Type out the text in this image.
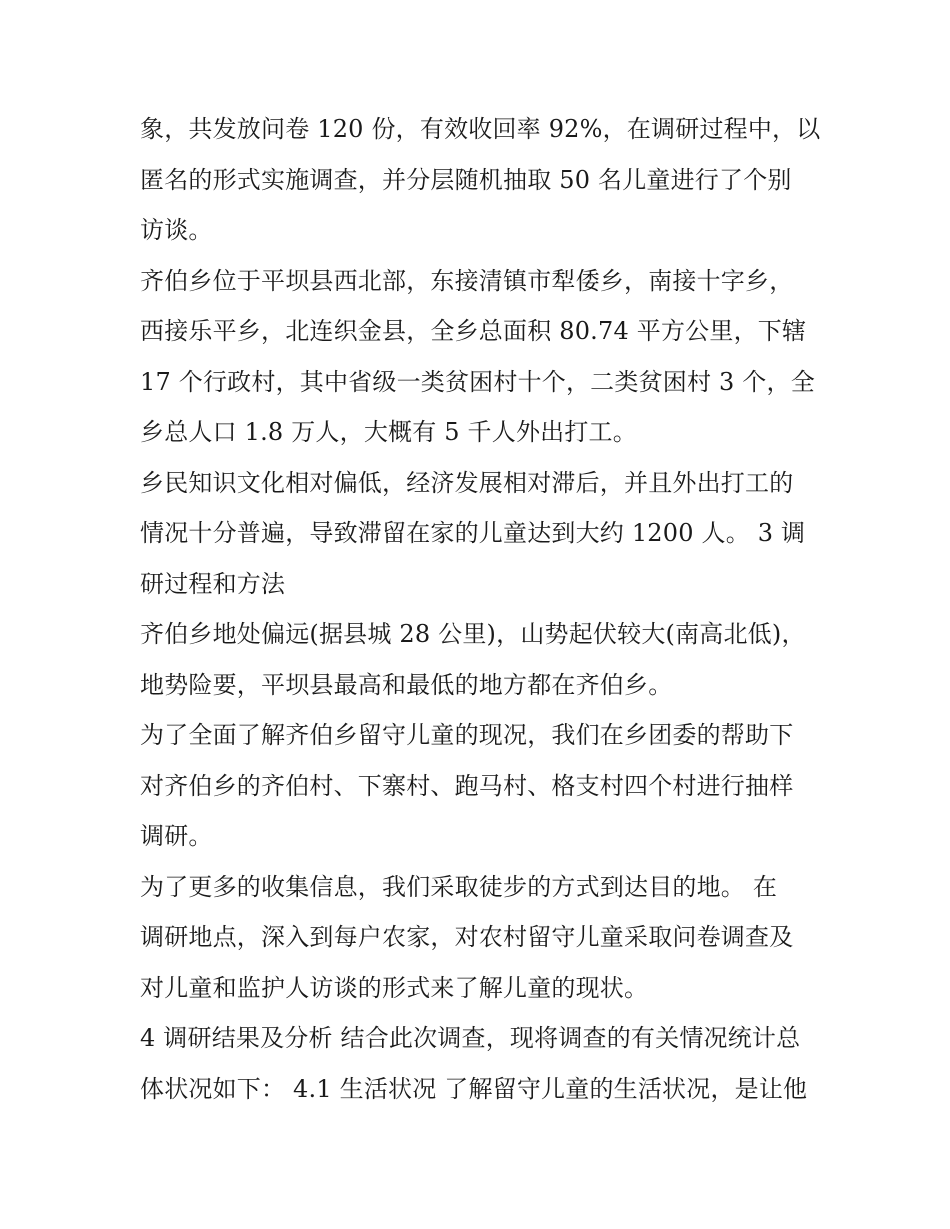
象，共发放问卷 120 份，有效收回率 92%，在调研过程中，以
匿名的形式实施调查，并分层随机抽取 50 名儿童进行了个别
访谈。
齐伯乡位于平坝县西北部，东接清镇市犁倭乡，南接十字乡，
西接乐平乡，北连织金县，全乡总面积 80.74 平方公里，下辖
17 个行政村，其中省级一类贫困村十个，二类贫困村 3 个，全
乡总人口 1.8 万人，大概有 5 千人外出打工。
乡民知识文化相对偏低，经济发展相对滞后，并且外出打工的
情况十分普遍，导致滞留在家的儿童达到大约 1200 人。 3 调
研过程和方法
齐伯乡地处偏远(据县城 28 公里)，山势起伏较大(南高北低)，
地势险要，平坝县最高和最低的地方都在齐伯乡。
为了全面了解齐伯乡留守儿童的现况，我们在乡团委的帮助下
对齐伯乡的齐伯村、下寨村、跑马村、格支村四个村进行抽样
调研。
为了更多的收集信息，我们采取徒步的方式到达目的地。 在
调研地点，深入到每户农家，对农村留守儿童采取问卷调查及
对儿童和监护人访谈的形式来了解儿童的现状。
4 调研结果及分析 结合此次调查，现将调查的有关情况统计总
体状况如下： 4.1 生活状况 了解留守儿童的生活状况，是让他
